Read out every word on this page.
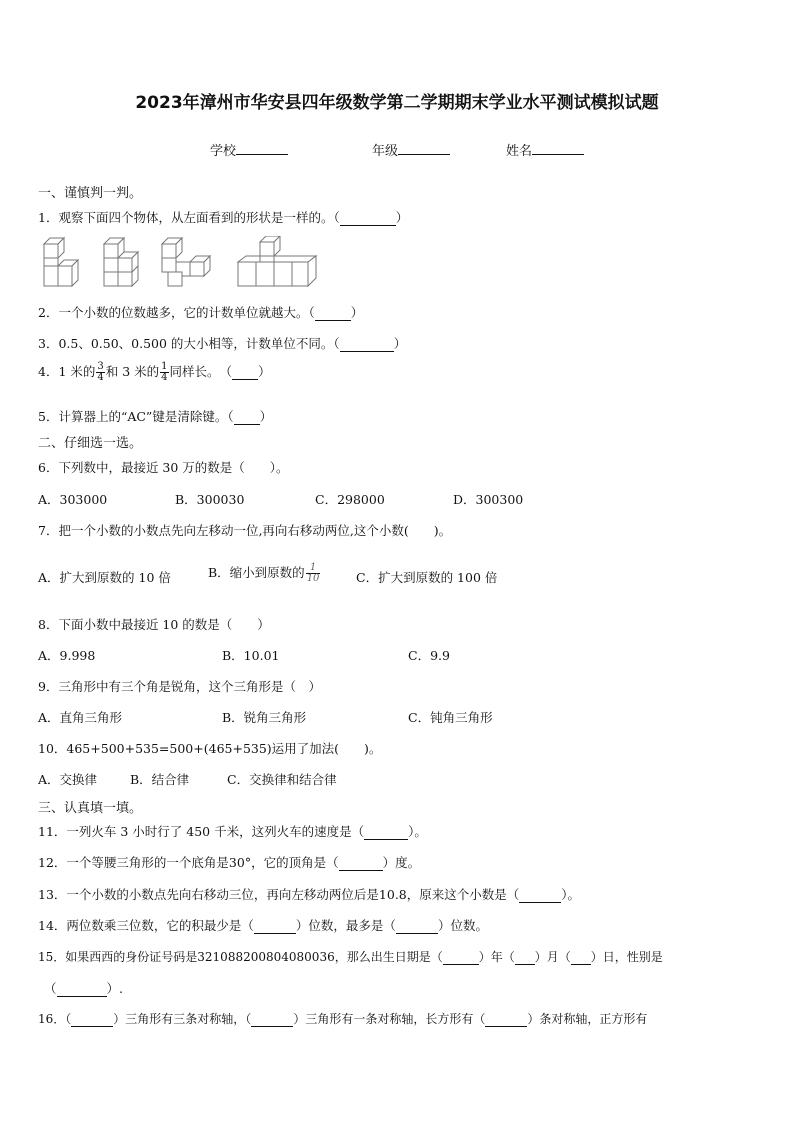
2023年漳州市华安县四年级数学第二学期期末学业水平测试模拟试题
学校	年级	姓名
一、谨慎判一判。
1．观察下面四个物体，从左面看到的形状是一样的。（	）
2．一个小数的位数越多，它的计数单位就越大。（	）
3．0.5、0.50、0.500 的大小相等，计数单位不同。（	）
4．1 米的 $\frac{3}{4}$ 和 3 米的 $\frac{1}{4}$ 同样长。　（ ）
5．计算器上的“AC”键是清除键。（ ）
二、仔细选一选。
6．下列数中，最接近 30 万的数是（　　）。
A．303000	B．300030	C．298000	D．300300
7．把一个小数的小数点先向左移动一位,再向右移动两位,这个小数(　　)。
A．扩大到原数的 10 倍	B．缩小到原数的 $\frac{1}{10}$	C．扩大到原数的 100 倍
8．下面小数中最接近 10 的数是（　　）
A．9.998	B．10.01	C．9.9
9．三角形中有三个角是锐角，这个三角形是（　）
A．直角三角形	B．锐角三角形	C．钝角三角形
10．465+500+535=500+(465+535)运用了加法(　　)。
A．交换律	B．结合律	C．交换律和结合律
三、认真填一填。
11．一列火车 3 小时行了 450 千米，这列火车的速度是（	）。
12．一个等腰三角形的一个底角是30°，它的顶角是（	）度。
13．一个小数的小数点先向右移动三位，再向左移动两位后是10.8，原来这个小数是（	）。
14．两位数乘三位数，它的积最少是（	）位数，最多是（	）位数。
15．如果西西的身份证号码是321088200804080036，那么出生日期是（	）年（ ）月（ ）日，性别是
（	）.
16．（	）三角形有三条对称轴，（	）三角形有一条对称轴，长方形有（	）条对称轴，正方形有
